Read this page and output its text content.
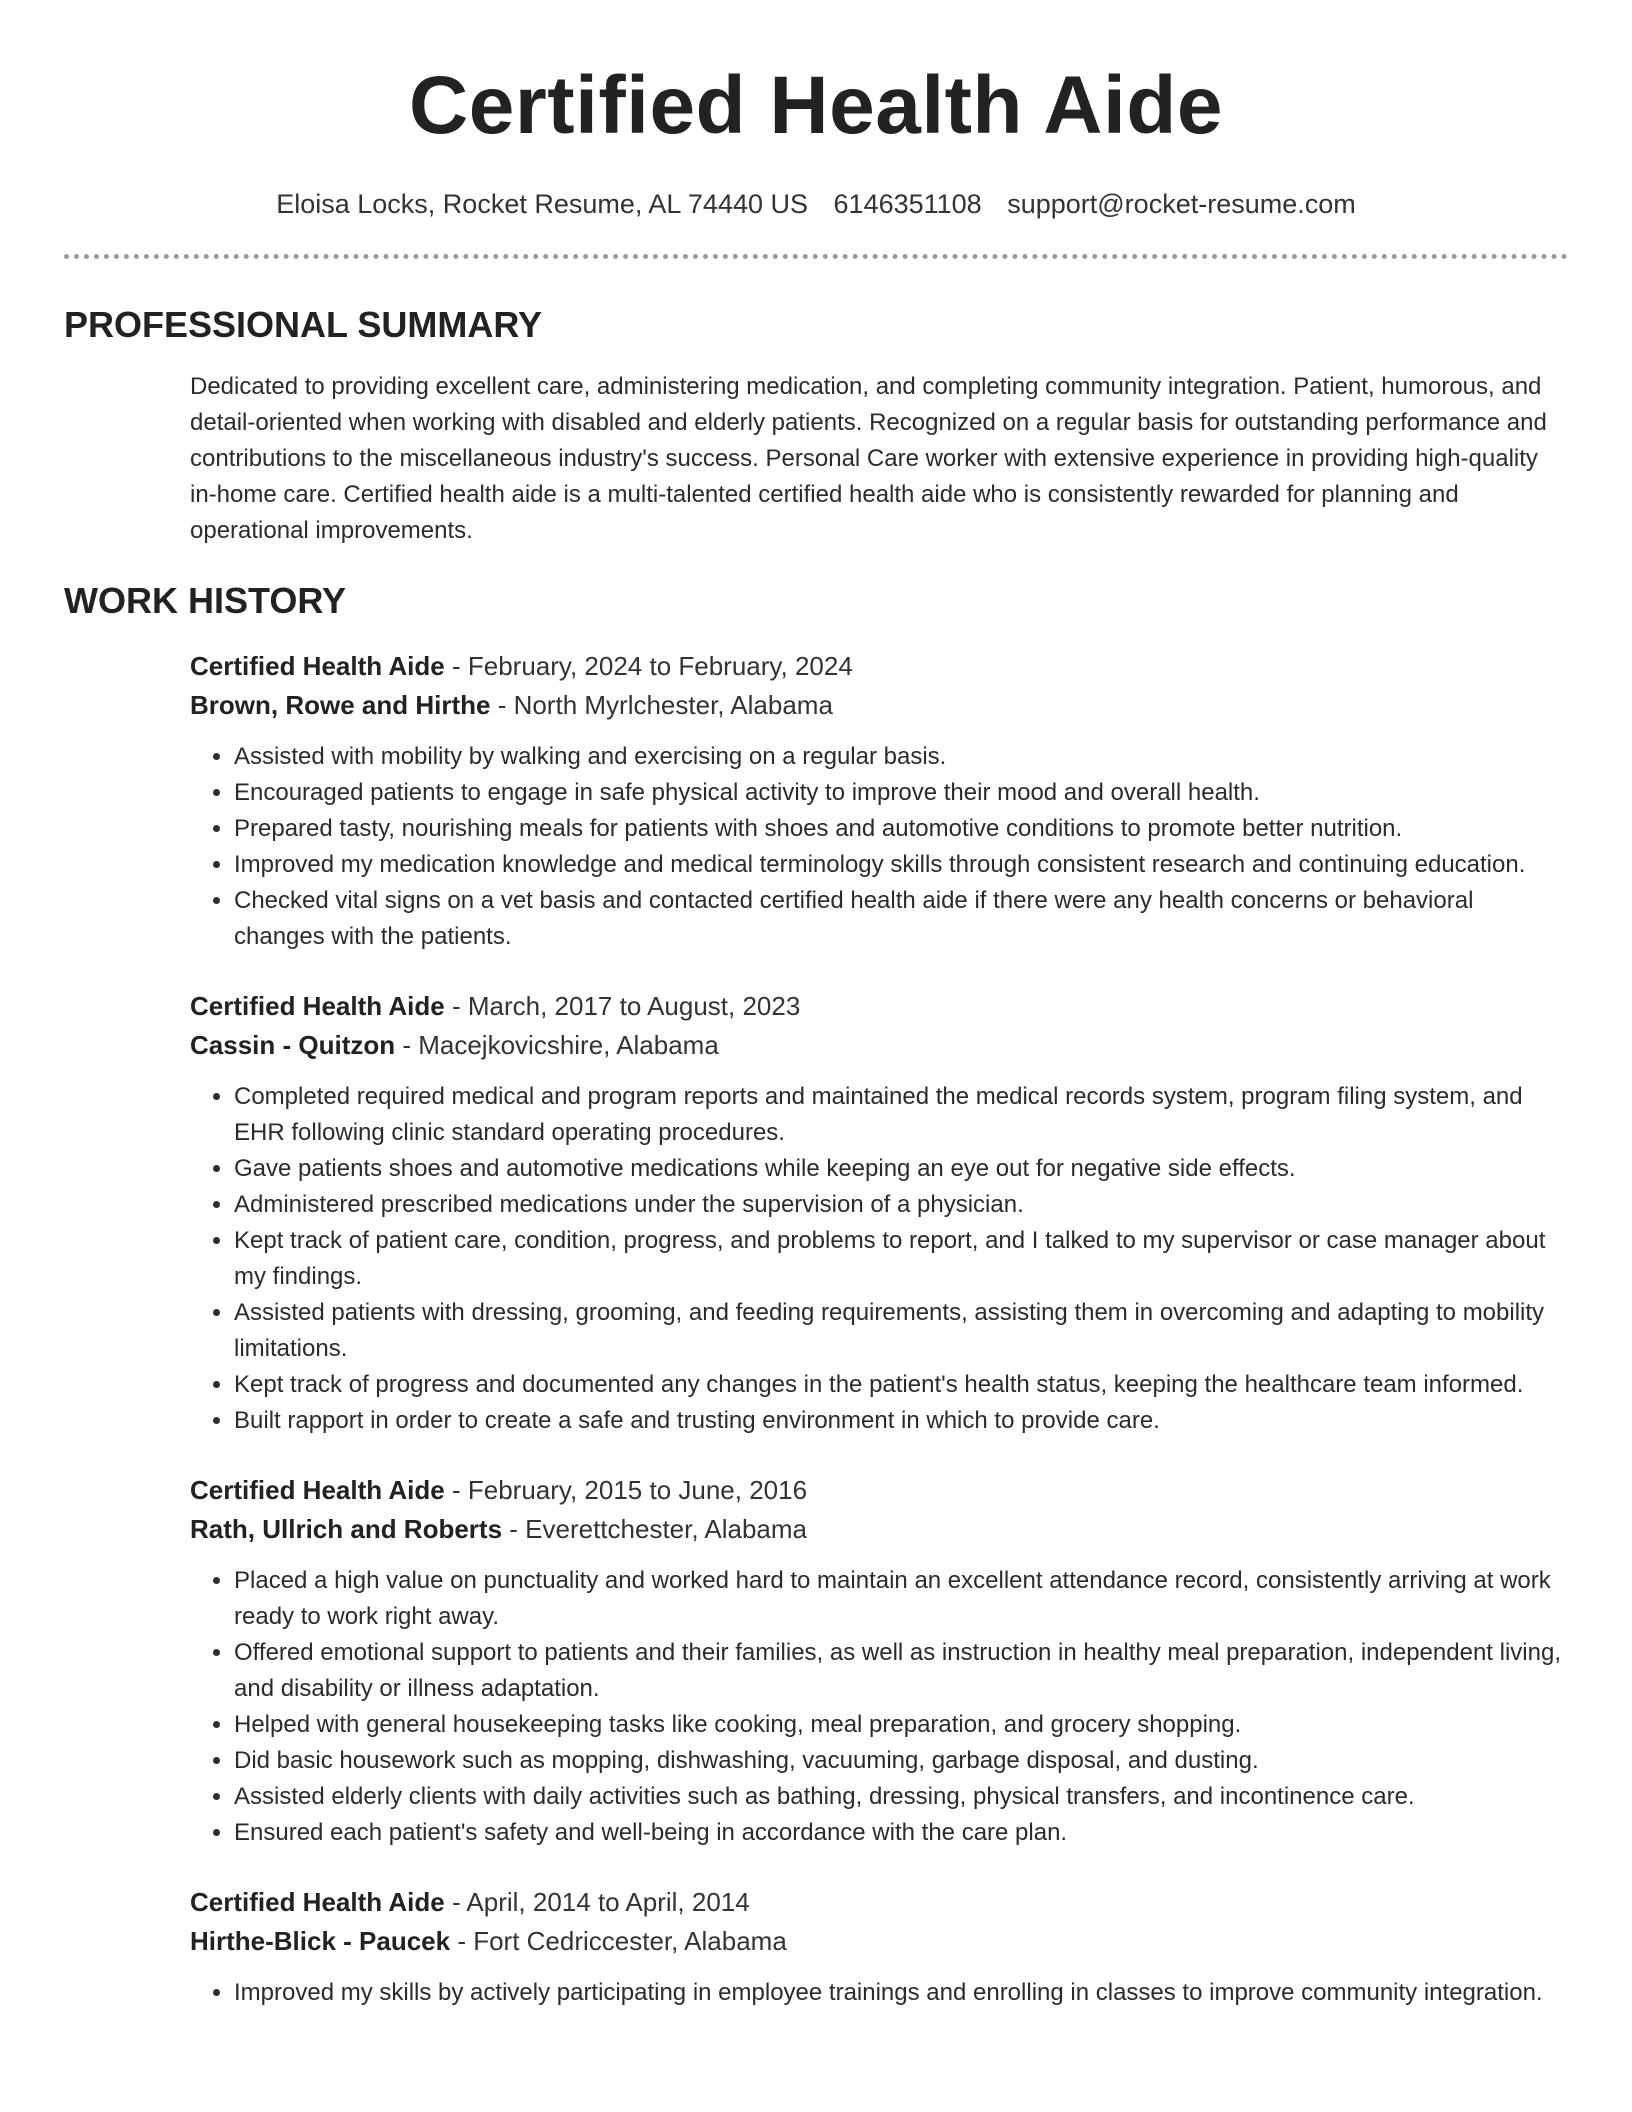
Certified Health Aide
Eloisa Locks, Rocket Resume, AL 74440 US 6146351108 support@rocket-resume.com
PROFESSIONAL SUMMARY

Dedicated to providing excellent care, administering medication, and completing community integration. Patient, humorous, and detail-oriented when working with disabled and elderly patients. Recognized on a regular basis for outstanding performance and contributions to the miscellaneous industry's success. Personal Care worker with extensive experience in providing high-quality in-home care. Certified health aide is a multi-talented certified health aide who is consistently rewarded for planning and operational improvements.

WORK HISTORY
Certified Health Aide - February, 2024 to February, 2024
Brown, Rowe and Hirthe - North Myrlchester, Alabama
• Assisted with mobility by walking and exercising on a regular basis.
• Encouraged patients to engage in safe physical activity to improve their mood and overall health.
• Prepared tasty, nourishing meals for patients with shoes and automotive conditions to promote better nutrition.
• Improved my medication knowledge and medical terminology skills through consistent research and continuing education.
• Checked vital signs on a vet basis and contacted certified health aide if there were any health concerns or behavioral changes with the patients.
Certified Health Aide - March, 2017 to August, 2023
Cassin - Quitzon - Macejkovicshire, Alabama
• Completed required medical and program reports and maintained the medical records system, program filing system, and EHR following clinic standard operating procedures.
• Gave patients shoes and automotive medications while keeping an eye out for negative side effects.
• Administered prescribed medications under the supervision of a physician.
• Kept track of patient care, condition, progress, and problems to report, and I talked to my supervisor or case manager about my findings.
• Assisted patients with dressing, grooming, and feeding requirements, assisting them in overcoming and adapting to mobility limitations.
• Kept track of progress and documented any changes in the patient's health status, keeping the healthcare team informed.
• Built rapport in order to create a safe and trusting environment in which to provide care.
Certified Health Aide - February, 2015 to June, 2016
Rath, Ullrich and Roberts - Everettchester, Alabama
• Placed a high value on punctuality and worked hard to maintain an excellent attendance record, consistently arriving at work ready to work right away.
• Offered emotional support to patients and their families, as well as instruction in healthy meal preparation, independent living, and disability or illness adaptation.
• Helped with general housekeeping tasks like cooking, meal preparation, and grocery shopping.
• Did basic housework such as mopping, dishwashing, vacuuming, garbage disposal, and dusting.
• Assisted elderly clients with daily activities such as bathing, dressing, physical transfers, and incontinence care.
• Ensured each patient's safety and well-being in accordance with the care plan.
Certified Health Aide - April, 2014 to April, 2014
Hirthe-Blick - Paucek - Fort Cedriccester, Alabama
• Improved my skills by actively participating in employee trainings and enrolling in classes to improve community integration.
